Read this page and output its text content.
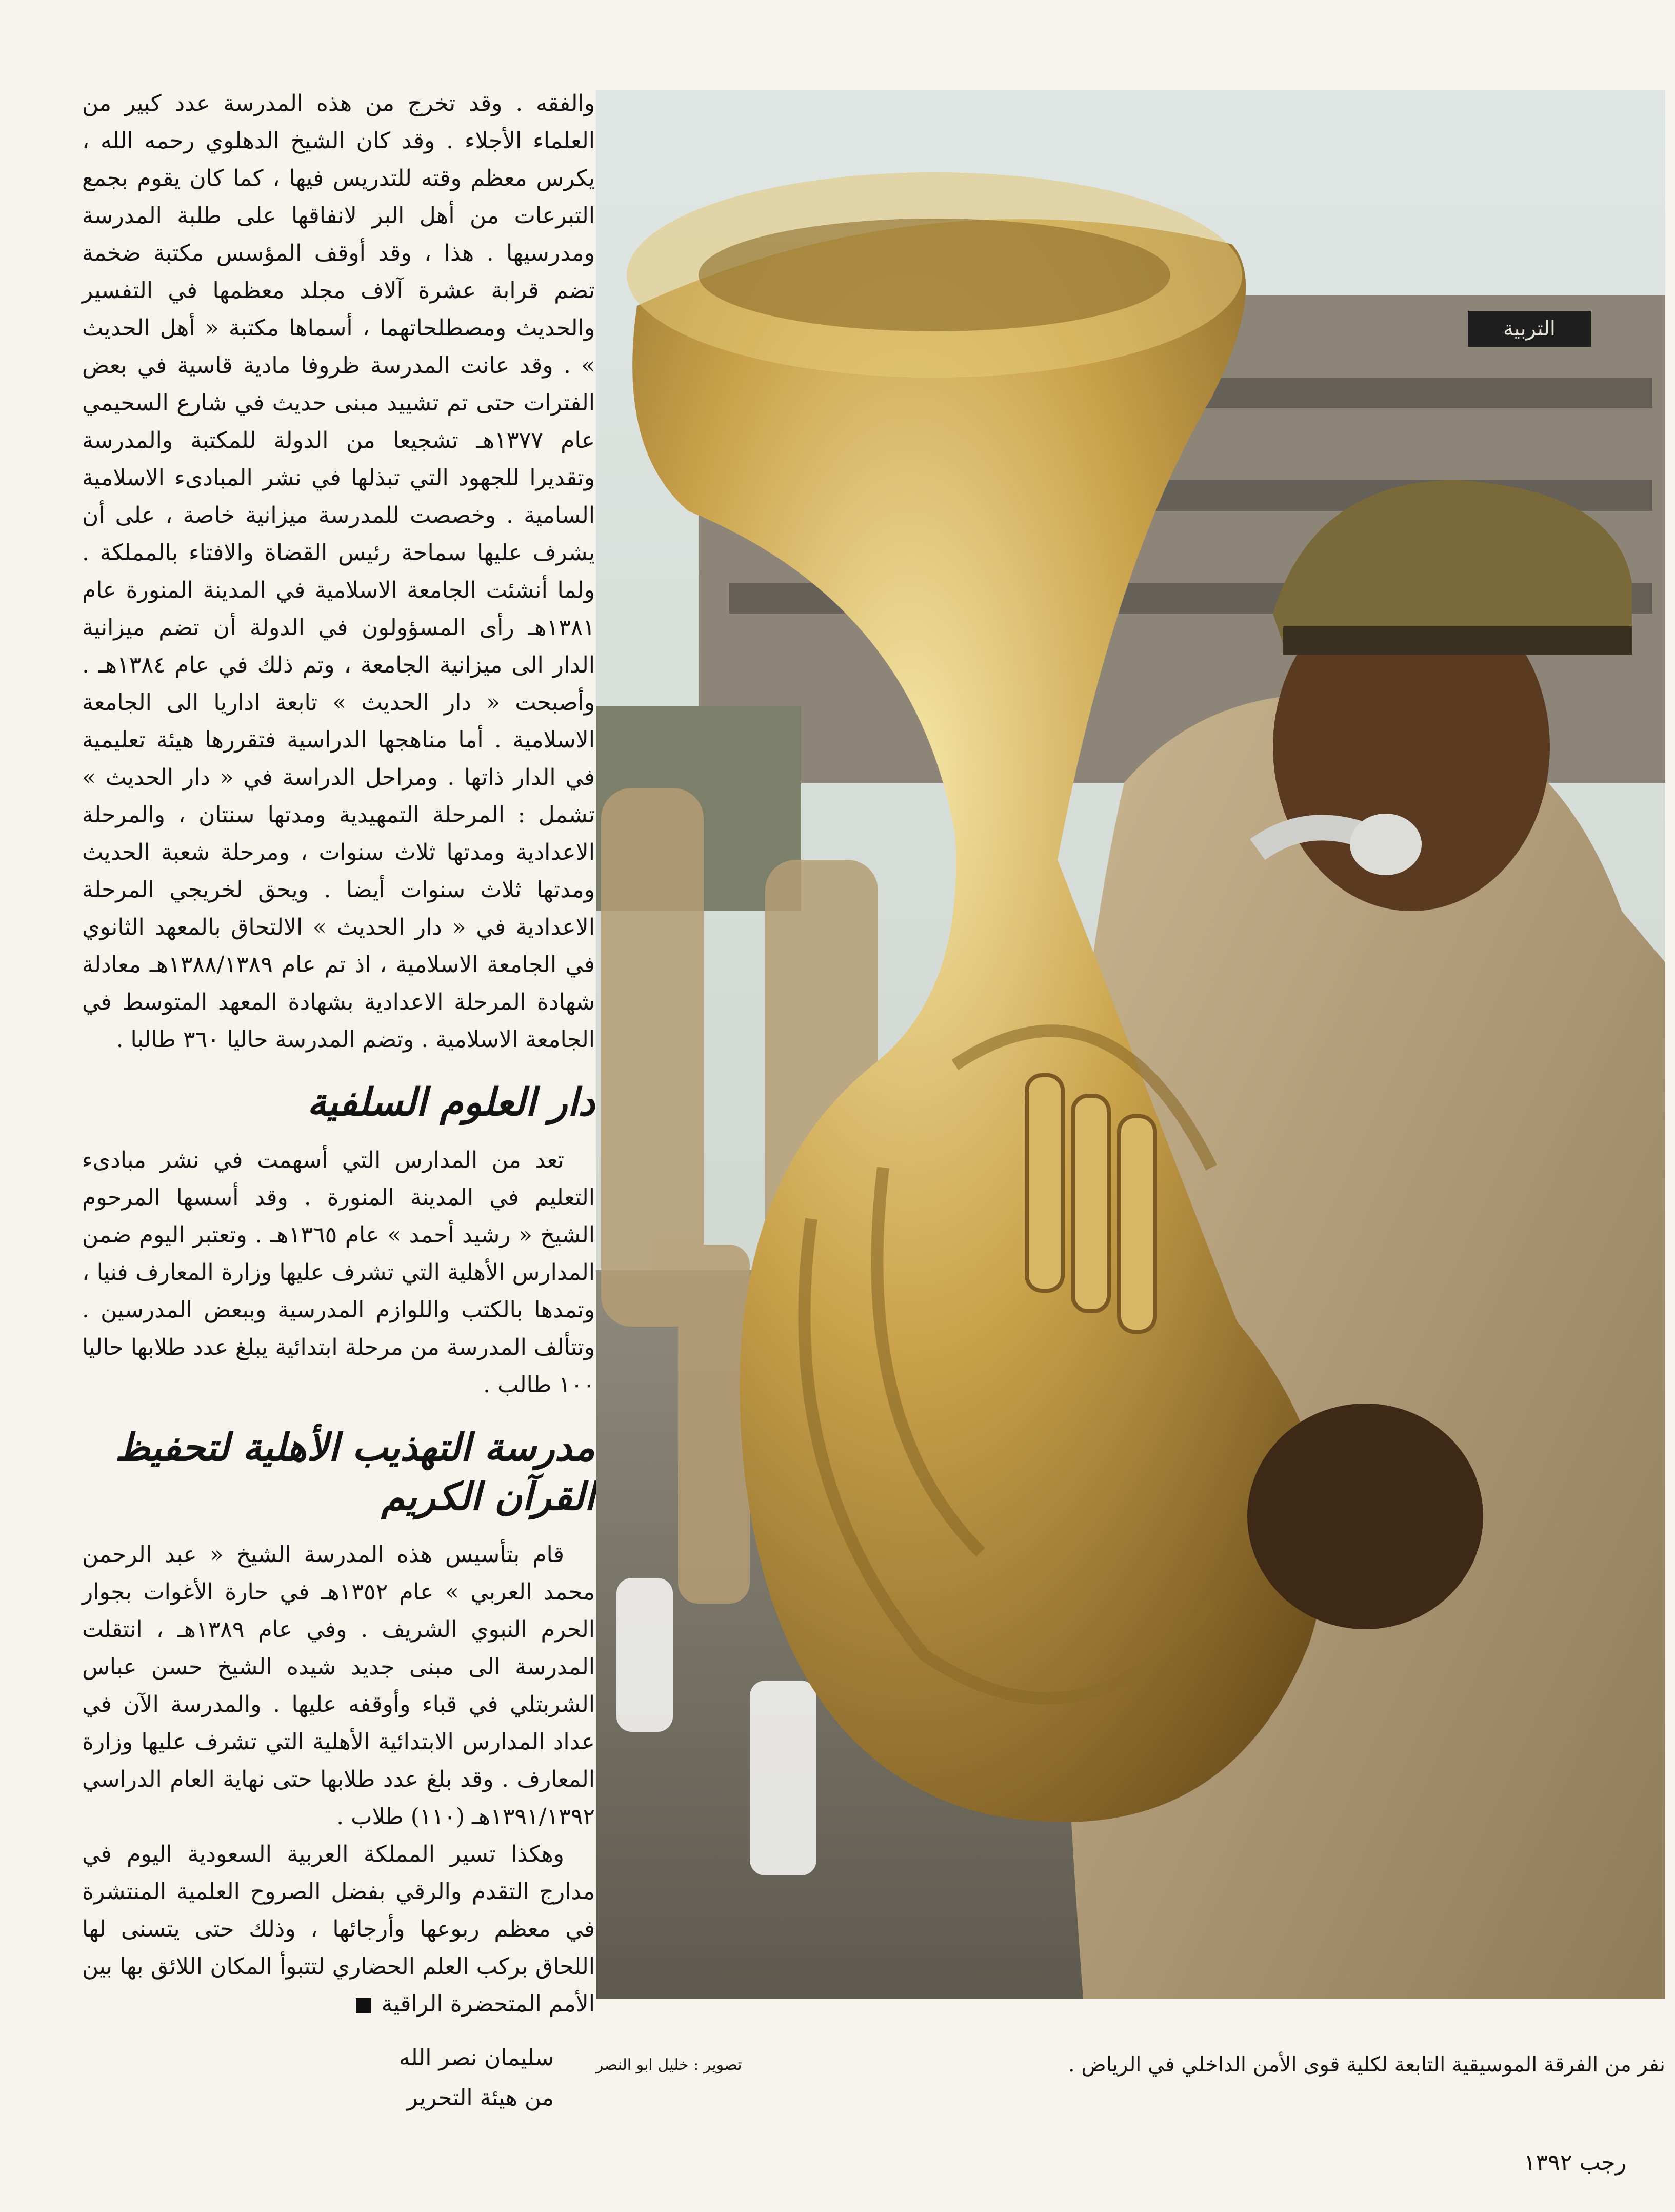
والفقه . وقد تخرج من هذه المدرسة عدد كبير من العلماء الأجلاء . وقد كان الشيخ الدهلوي رحمه الله ، يكرس معظم وقته للتدريس فيها ، كما كان يقوم بجمع التبرعات من أهل البر لانفاقها على طلبة المدرسة ومدرسيها . هذا ، وقد أوقف المؤسس مكتبة ضخمة تضم قرابة عشرة آلاف مجلد معظمها في التفسير والحديث ومصطلحاتهما ، أسماها مكتبة « أهل الحديث » . وقد عانت المدرسة ظروفا مادية قاسية في بعض الفترات حتى تم تشييد مبنى حديث في شارع السحيمي عام ١٣٧٧هـ تشجيعا من الدولة للمكتبة والمدرسة وتقديرا للجهود التي تبذلها في نشر المبادىء الاسلامية السامية . وخصصت للمدرسة ميزانية خاصة ، على أن يشرف عليها سماحة رئيس القضاة والافتاء بالمملكة . ولما أنشئت الجامعة الاسلامية في المدينة المنورة عام ١٣٨١هـ رأى المسؤولون في الدولة أن تضم ميزانية الدار الى ميزانية الجامعة ، وتم ذلك في عام ١٣٨٤هـ . وأصبحت « دار الحديث » تابعة اداريا الى الجامعة الاسلامية . أما مناهجها الدراسية فتقررها هيئة تعليمية في الدار ذاتها . ومراحل الدراسة في « دار الحديث » تشمل : المرحلة التمهيدية ومدتها سنتان ، والمرحلة الاعدادية ومدتها ثلاث سنوات ، ومرحلة شعبة الحديث ومدتها ثلاث سنوات أيضا . ويحق لخريجي المرحلة الاعدادية في « دار الحديث » الالتحاق بالمعهد الثانوي في الجامعة الاسلامية ، اذ تم عام ١٣٨٨/١٣٨٩هـ معادلة شهادة المرحلة الاعدادية بشهادة المعهد المتوسط في الجامعة الاسلامية . وتضم المدرسة حاليا ٣٦٠ طالبا .

دار العلوم السلفية

تعد من المدارس التي أسهمت في نشر مبادىء التعليم في المدينة المنورة . وقد أسسها المرحوم الشيخ « رشيد أحمد » عام ١٣٦٥هـ . وتعتبر اليوم ضمن المدارس الأهلية التي تشرف عليها وزارة المعارف فنيا ، وتمدها بالكتب واللوازم المدرسية وببعض المدرسين . وتتألف المدرسة من مرحلة ابتدائية يبلغ عدد طلابها حاليا ١٠٠ طالب .

مدرسة التهذيب الأهلية لتحفيظ القرآن الكريم

قام بتأسيس هذه المدرسة الشيخ « عبد الرحمن محمد العربي » عام ١٣٥٢هـ في حارة الأغوات بجوار الحرم النبوي الشريف . وفي عام ١٣٨٩هـ ، انتقلت المدرسة الى مبنى جديد شيده الشيخ حسن عباس الشربتلي في قباء وأوقفه عليها . والمدرسة الآن في عداد المدارس الابتدائية الأهلية التي تشرف عليها وزارة المعارف . وقد بلغ عدد طلابها حتى نهاية العام الدراسي ١٣٩١/١٣٩٢هـ (١١٠) طلاب .

وهكذا تسير المملكة العربية السعودية اليوم في مدارج التقدم والرقي بفضل الصروح العلمية المنتشرة في معظم ربوعها وأرجائها ، وذلك حتى يتسنى لها اللحاق بركب العلم الحضاري لتتبوأ المكان اللائق بها بين الأمم المتحضرة الراقية

سليمان نصر الله
من هيئة التحرير
التربية
نفر من الفرقة الموسيقية التابعة لكلية قوى الأمن الداخلي في الرياض .
تصوير : خليل ابو النصر
رجب ١٣٩٢
